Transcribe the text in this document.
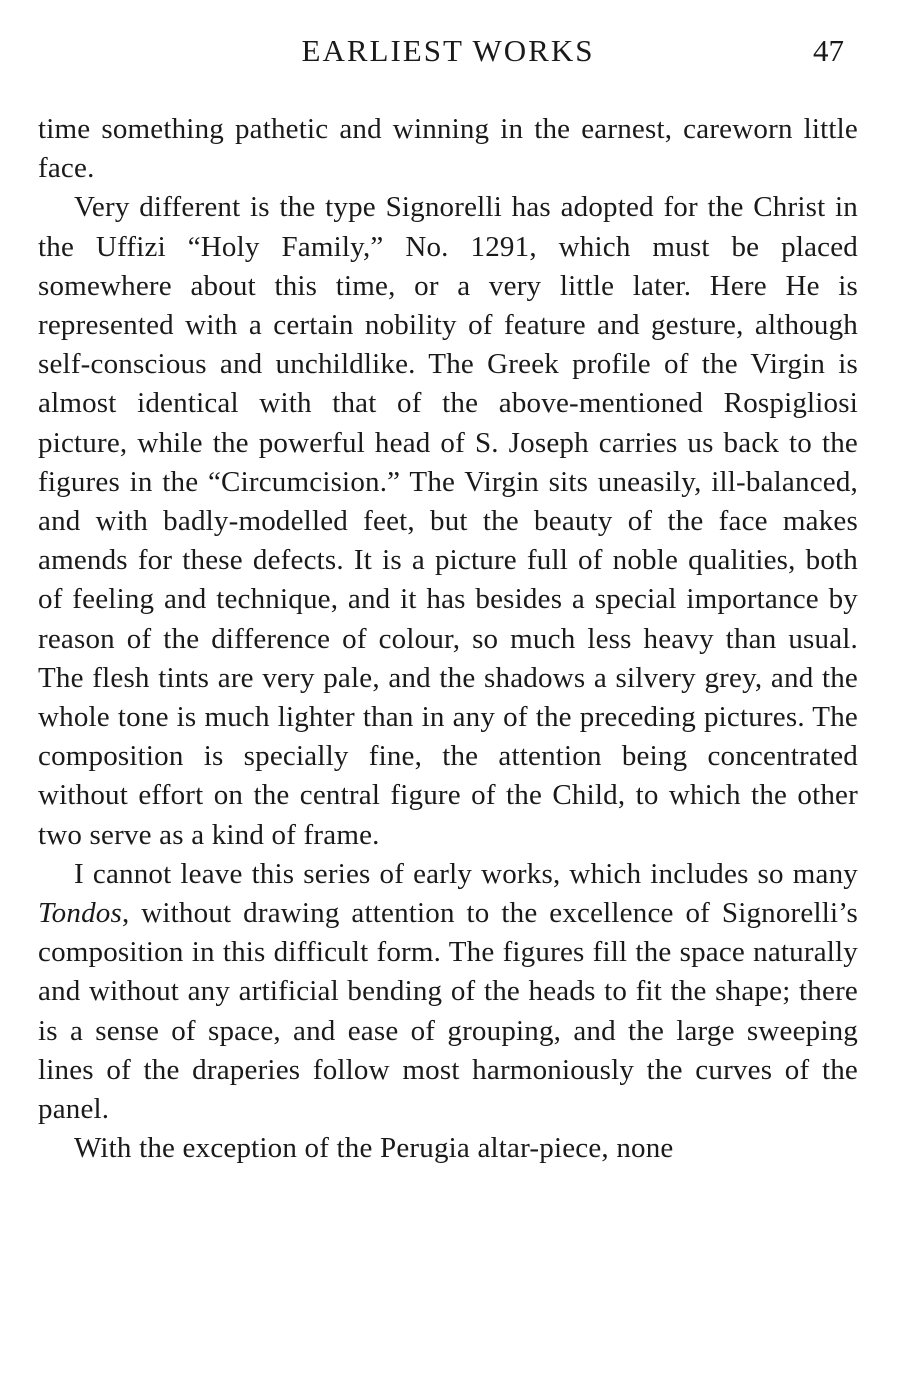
EARLIEST WORKS	47

time something pathetic and winning in the earnest, careworn little face.

Very different is the type Signorelli has adopted for the Christ in the Uffizi “Holy Family,” No. 1291, which must be placed somewhere about this time, or a very little later. Here He is represented with a certain nobility of feature and gesture, although self-conscious and unchildlike. The Greek profile of the Virgin is almost identical with that of the above-mentioned Rospigliosi picture, while the powerful head of S. Joseph carries us back to the figures in the “Circumcision.” The Virgin sits uneasily, ill-balanced, and with badly-modelled feet, but the beauty of the face makes amends for these defects. It is a picture full of noble qualities, both of feeling and technique, and it has besides a special importance by reason of the difference of colour, so much less heavy than usual. The flesh tints are very pale, and the shadows a silvery grey, and the whole tone is much lighter than in any of the preceding pictures. The composition is specially fine, the attention being concentrated without effort on the central figure of the Child, to which the other two serve as a kind of frame.

I cannot leave this series of early works, which includes so many Tondos, without drawing attention to the excellence of Signorelli’s composition in this difficult form. The figures fill the space naturally and without any artificial bending of the heads to fit the shape; there is a sense of space, and ease of grouping, and the large sweeping lines of the draperies follow most harmoniously the curves of the panel.

With the exception of the Perugia altar-piece, none
